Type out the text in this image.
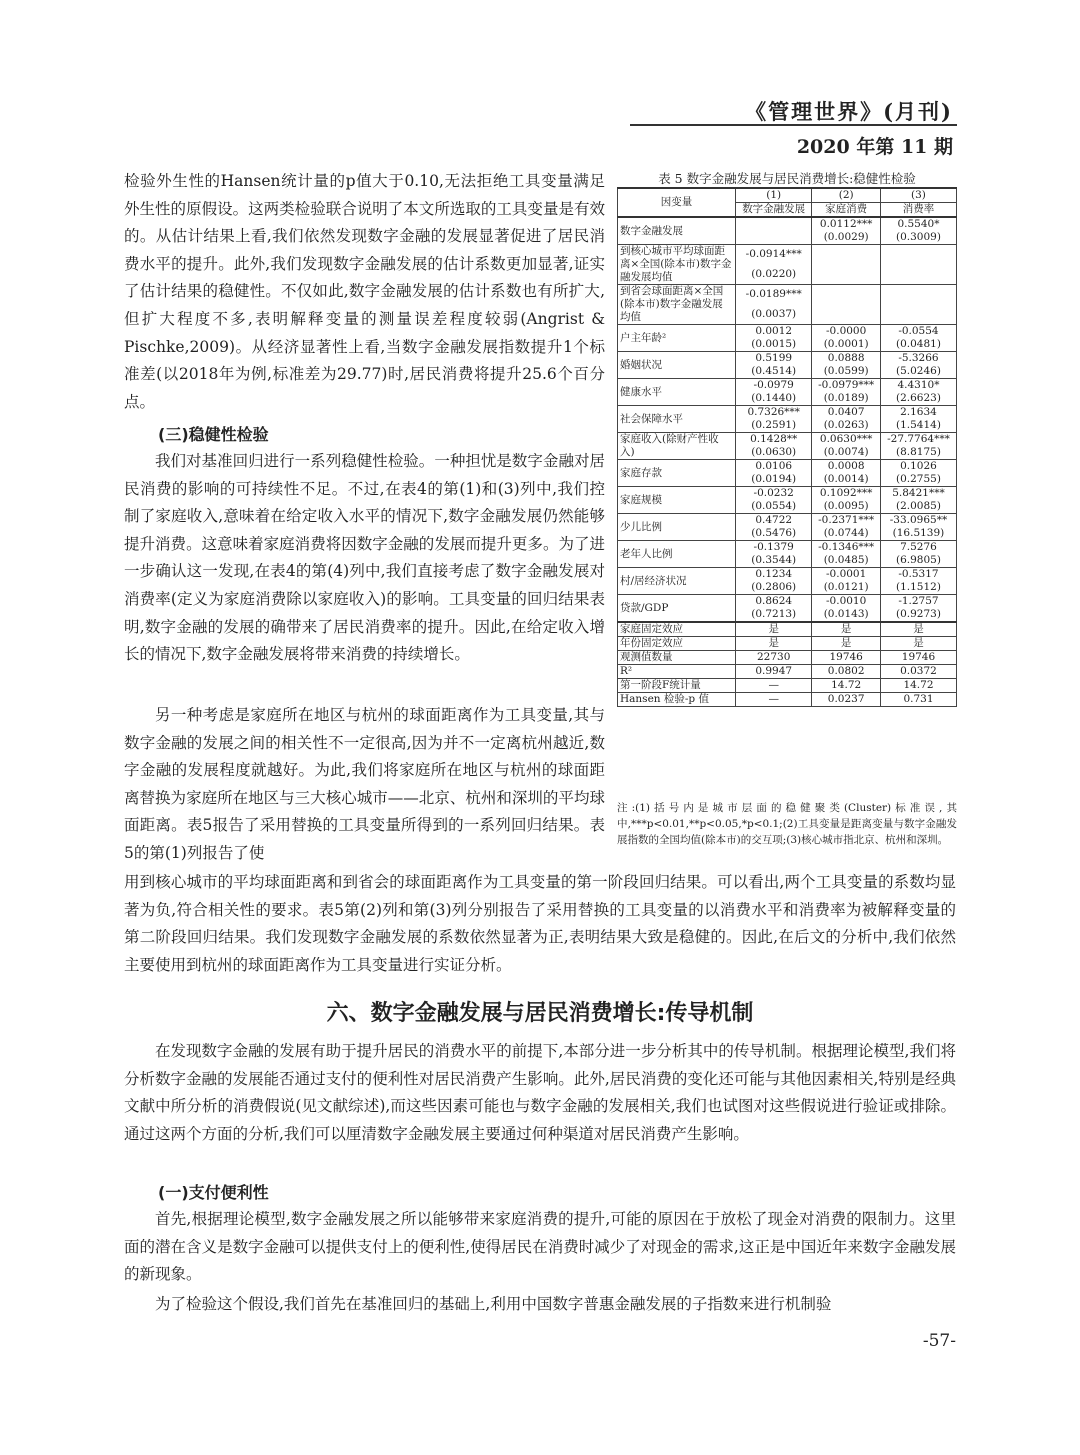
《管理世界》(月刊)
2020 年第 11 期

检验外生性的Hansen统计量的p值大于0.10,无法拒绝工具变量满足外生性的原假设。这两类检验联合说明了本文所选取的工具变量是有效的。从估计结果上看,我们依然发现数字金融的发展显著促进了居民消费水平的提升。此外,我们发现数字金融发展的估计系数更加显著,证实了估计结果的稳健性。不仅如此,数字金融发展的估计系数也有所扩大,但扩大程度不多,表明解释变量的测量误差程度较弱(Angrist & Pischke,2009)。从经济显著性上看,当数字金融发展指数提升1个标准差(以2018年为例,标准差为29.77)时,居民消费将提升25.6个百分点。

(三)稳健性检验

我们对基准回归进行一系列稳健性检验。一种担忧是数字金融对居民消费的影响的可持续性不足。不过,在表4的第(1)和(3)列中,我们控制了家庭收入,意味着在给定收入水平的情况下,数字金融发展仍然能够提升消费。这意味着家庭消费将因数字金融的发展而提升更多。为了进一步确认这一发现,在表4的第(4)列中,我们直接考虑了数字金融发展对消费率(定义为家庭消费除以家庭收入)的影响。工具变量的回归结果表明,数字金融的发展的确带来了居民消费率的提升。因此,在给定收入增长的情况下,数字金融发展将带来消费的持续增长。

另一种考虑是家庭所在地区与杭州的球面距离作为工具变量,其与数字金融的发展之间的相关性不一定很高,因为并不一定离杭州越近,数字金融的发展程度就越好。为此,我们将家庭所在地区与杭州的球面距离替换为家庭所在地区与三大核心城市——北京、杭州和深圳的平均球面距离。表5报告了采用替换的工具变量所得到的一系列回归结果。表5的第(1)列报告了使

用到核心城市的平均球面距离和到省会的球面距离作为工具变量的第一阶段回归结果。可以看出,两个工具变量的系数均显著为负,符合相关性的要求。表5第(2)列和第(3)列分别报告了采用替换的工具变量的以消费水平和消费率为被解释变量的第二阶段回归结果。我们发现数字金融发展的系数依然显著为正,表明结果大致是稳健的。因此,在后文的分析中,我们依然主要使用到杭州的球面距离作为工具变量进行实证分析。

表 5 数字金融发展与居民消费增长:稳健性检验
因变量	(1)	(2)	(3)
	数字金融发展	家庭消费	消费率
数字金融发展		0.0112***	0.5540*
		(0.0029)	(0.3009)
到核心城市平均球面距离×全国(除本市)数字金融发展均值	-0.0914***		
	(0.0220)		
到省会球面距离×全国(除本市)数字金融发展均值	-0.0189***		
	(0.0037)		
户主年龄²	0.0012	-0.0000	-0.0554
	(0.0015)	(0.0001)	(0.0481)
婚姻状况	0.5199	0.0888	-5.3266
	(0.4514)	(0.0599)	(5.0246)
健康水平	-0.0979	-0.0979***	4.4310*
	(0.1440)	(0.0189)	(2.6623)
社会保障水平	0.7326***	0.0407	2.1634
	(0.2591)	(0.0263)	(1.5414)
家庭收入(除财产性收入)	0.1428**	0.0630***	-27.7764***
	(0.0630)	(0.0074)	(8.8175)
家庭存款	0.0106	0.0008	0.1026
	(0.0194)	(0.0014)	(0.2755)
家庭规模	-0.0232	0.1092***	5.8421***
	(0.0554)	(0.0095)	(2.0085)
少儿比例	0.4722	-0.2371***	-33.0965**
	(0.5476)	(0.0744)	(16.5139)
老年人比例	-0.1379	-0.1346***	7.5276
	(0.3544)	(0.0485)	(6.9805)
村/居经济状况	0.1234	-0.0001	-0.5317
	(0.2806)	(0.0121)	(1.1512)
贷款/GDP	0.8624	-0.0010	-1.2757
	(0.7213)	(0.0143)	(0.9273)
家庭固定效应	是	是	是
年份固定效应	是	是	是
观测值数量	22730	19746	19746
R²	0.9947	0.0802	0.0372
第一阶段F统计量	—	14.72	14.72
Hansen 检验-p 值	—	0.0237	0.731

注:(1)括号内是城市层面的稳健聚类(Cluster)标准误,其中,***p<0.01,**p<0.05,*p<0.1;(2)工具变量是距离变量与数字金融发展指数的全国均值(除本市)的交互项;(3)核心城市指北京、杭州和深圳。

六、数字金融发展与居民消费增长:传导机制

在发现数字金融的发展有助于提升居民的消费水平的前提下,本部分进一步分析其中的传导机制。根据理论模型,我们将分析数字金融的发展能否通过支付的便利性对居民消费产生影响。此外,居民消费的变化还可能与其他因素相关,特别是经典文献中所分析的消费假说(见文献综述),而这些因素可能也与数字金融的发展相关,我们也试图对这些假说进行验证或排除。通过这两个方面的分析,我们可以厘清数字金融发展主要通过何种渠道对居民消费产生影响。

(一)支付便利性

首先,根据理论模型,数字金融发展之所以能够带来家庭消费的提升,可能的原因在于放松了现金对消费的限制力。这里面的潜在含义是数字金融可以提供支付上的便利性,使得居民在消费时减少了对现金的需求,这正是中国近年来数字金融发展的新现象。

为了检验这个假设,我们首先在基准回归的基础上,利用中国数字普惠金融发展的子指数来进行机制验

-57-
